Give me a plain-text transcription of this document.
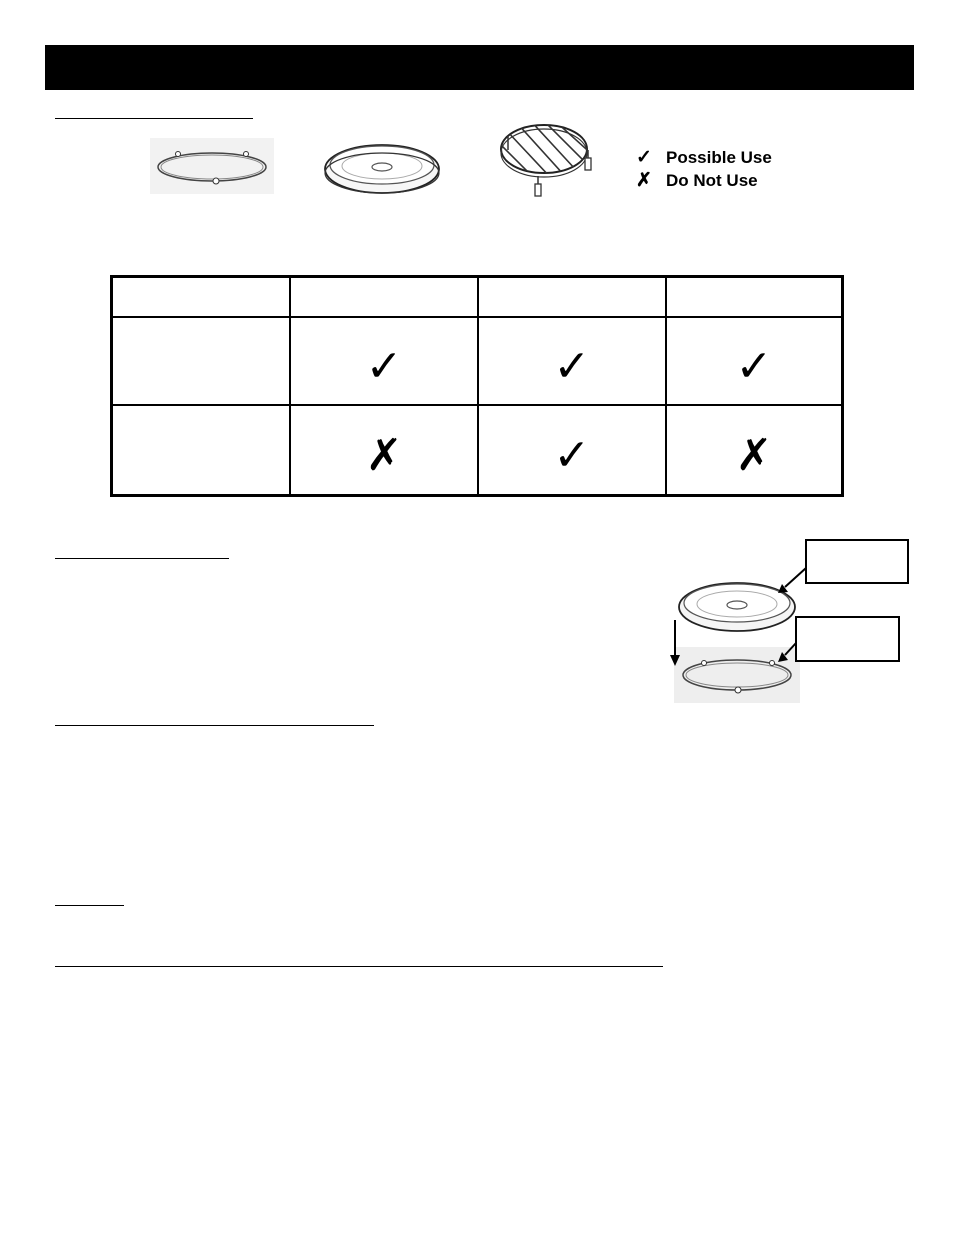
✓ Possible Use
✗ Do Not Use

	✓	✓	✓
	✗	✓	✗
